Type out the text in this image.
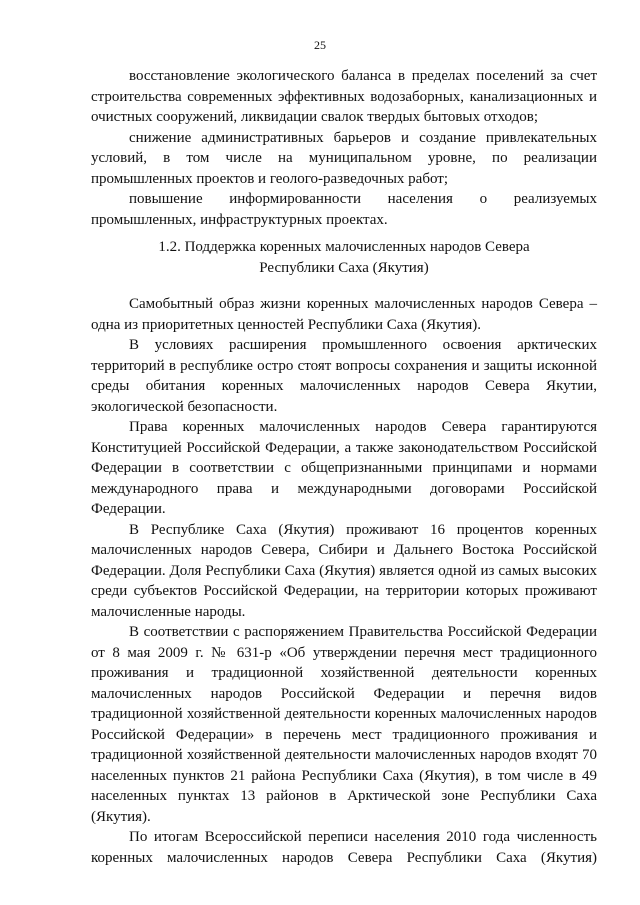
25

восстановление экологического баланса в пределах поселений за счет строительства современных эффективных водозаборных, канализационных и очистных сооружений, ликвидации свалок твердых бытовых отходов;

снижение административных барьеров и создание привлекательных условий, в том числе на муниципальном уровне, по реализации промышленных проектов и геолого-разведочных работ;

повышение информированности населения о реализуемых промышленных, инфраструктурных проектах.

1.2. Поддержка коренных малочисленных народов Севера
Республики Саха (Якутия)

Самобытный образ жизни коренных малочисленных народов Севера – одна из приоритетных ценностей Республики Саха (Якутия).

В условиях расширения промышленного освоения арктических территорий в республике остро стоят вопросы сохранения и защиты исконной среды обитания коренных малочисленных народов Севера Якутии, экологической безопасности.

Права коренных малочисленных народов Севера гарантируются Конституцией Российской Федерации, а также законодательством Российской Федерации в соответствии с общепризнанными принципами и нормами международного права и международными договорами Российской Федерации.

В Республике Саха (Якутия) проживают 16 процентов коренных малочисленных народов Севера, Сибири и Дальнего Востока Российской Федерации. Доля Республики Саха (Якутия) является одной из самых высоких среди субъектов Российской Федерации, на территории которых проживают малочисленные народы.

В соответствии с распоряжением Правительства Российской Федерации от 8 мая 2009 г. № 631-р «Об утверждении перечня мест традиционного проживания и традиционной хозяйственной деятельности коренных малочисленных народов Российской Федерации и перечня видов традиционной хозяйственной деятельности коренных малочисленных народов Российской Федерации» в перечень мест традиционного проживания и традиционной хозяйственной деятельности малочисленных народов входят 70 населенных пунктов 21 района Республики Саха (Якутия), в том числе в 49 населенных пунктах 13 районов в Арктической зоне Республики Саха (Якутия).

По итогам Всероссийской переписи населения 2010 года численность коренных малочисленных народов Севера Республики Саха (Якутия)
